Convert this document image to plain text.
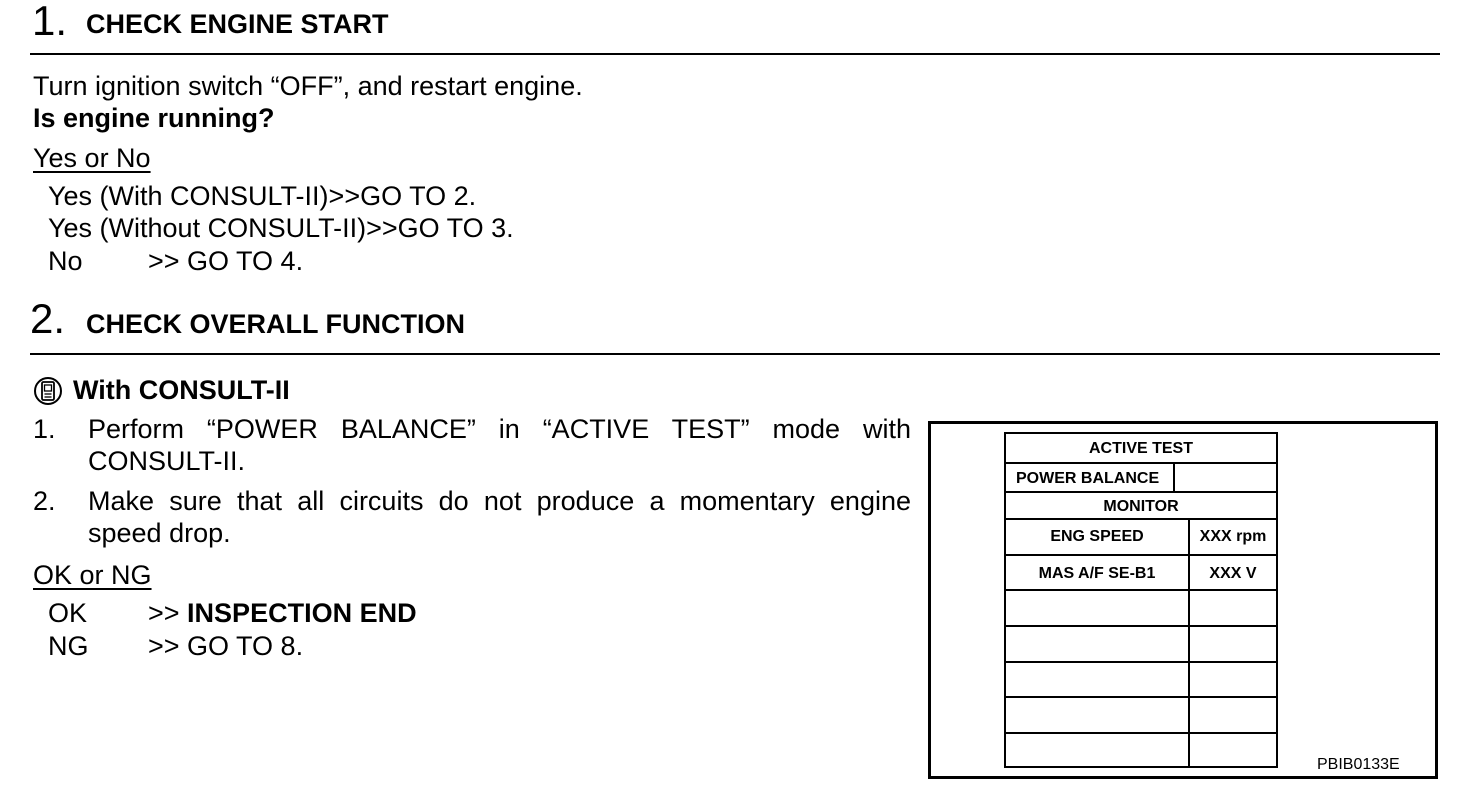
1. CHECK ENGINE START
Turn ignition switch “OFF”, and restart engine.
Is engine running?
Yes or No
Yes (With CONSULT-II)>>GO TO 2.
Yes (Without CONSULT-II)>>GO TO 3.
No >> GO TO 4.
2. CHECK OVERALL FUNCTION
With CONSULT-II
1. Perform “POWER BALANCE” in “ACTIVE TEST” mode with
CONSULT-II.
2. Make sure that all circuits do not produce a momentary engine
speed drop.
OK or NG
OK >> INSPECTION END
NG >> GO TO 8.
ACTIVE TEST
POWER BALANCE
MONITOR
ENG SPEED	XXX rpm
MAS A/F SE-B1	XXX V
PBIB0133E
